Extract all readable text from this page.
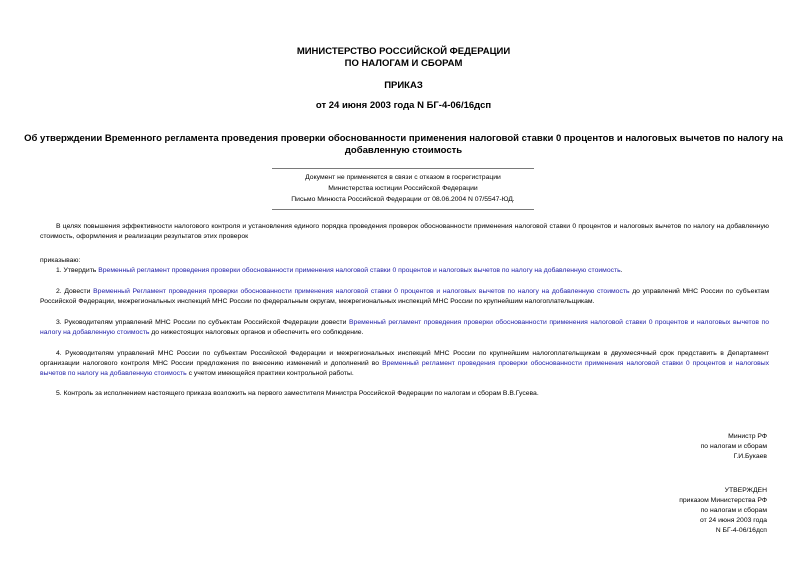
МИНИСТЕРСТВО РОССИЙСКОЙ ФЕДЕРАЦИИ
ПО НАЛОГАМ И СБОРАМ
ПРИКАЗ
от 24 июня 2003 года N БГ-4-06/16дсп
Об утверждении Временного регламента проведения проверки обоснованности применения налоговой ставки 0 процентов и налоговых вычетов по налогу на
добавленную стоимость
Документ не применяется в связи с отказом в госрегистрации
Министерства юстиции Российской Федерации
Письмо Минюста Российской Федерации от 08.06.2004 N 07/5547-ЮД.
В целях повышения эффективности налогового контроля и установления единого порядка проведения проверок обоснованности применения налоговой ставки 0 процентов и налоговых вычетов по налогу на добавленную стоимость, оформления и реализации результатов этих проверок
приказываю:
1. Утвердить Временный регламент проведения проверки обоснованности применения налоговой ставки 0 процентов и налоговых вычетов по налогу на добавленную стоимость.
2. Довести Временный Регламент проведения проверки обоснованности применения налоговой ставки 0 процентов и налоговых вычетов по налогу на добавленную стоимость до управлений МНС России по субъектам Российской Федерации, межрегиональных инспекций МНС России по федеральным округам, межрегиональных инспекций МНС России по крупнейшим налогоплательщикам.
3. Руководителям управлений МНС России по субъектам Российской Федерации довести Временный регламент проведения проверки обоснованности применения налоговой ставки 0 процентов и налоговых вычетов по налогу на добавленную стоимость до нижестоящих налоговых органов и обеспечить его соблюдение.
4. Руководителям управлений МНС России по субъектам Российской Федерации и межрегиональных инспекций МНС России по крупнейшим налогоплательщикам в двухмесячный срок представить в Департамент организации налогового контроля МНС России предложения по внесению изменений и дополнений во Временный регламент проведения проверки обоснованности применения налоговой ставки 0 процентов и налоговых вычетов по налогу на добавленную стоимость с учетом имеющейся практики контрольной работы.
5. Контроль за исполнением настоящего приказа возложить на первого заместителя Министра Российской Федерации по налогам и сборам В.В.Гусева.
Министр РФ
по налогам и сборам
Г.И.Букаев
УТВЕРЖДЕН
приказом Министерства РФ
по налогам и сборам
от 24 июня 2003 года
N БГ-4-06/16дсп
